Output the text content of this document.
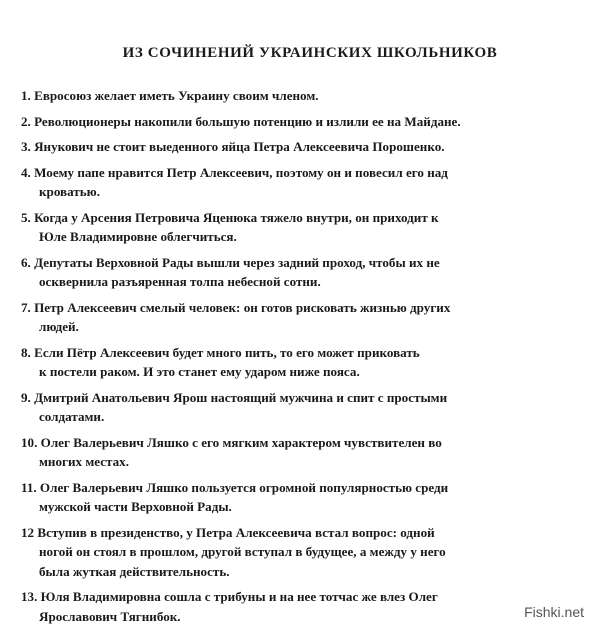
ИЗ СОЧИНЕНИЙ УКРАИНСКИХ ШКОЛЬНИКОВ
1. Евросоюз желает иметь Украину своим членом.
2. Революционеры накопили большую потенцию и излили ее на Майдане.
3. Янукович не стоит выеденного яйца Петра Алексеевича Порошенко.
4. Моему папе нравится Петр Алексеевич, поэтому он и повесил его над
кроватью.
5. Когда у Арсения Петровича Яценюка тяжело внутри, он приходит к
Юле Владимировне облегчиться.
6. Депутаты Верховной Рады вышли через задний проход, чтобы их не
осквернила разъяренная толпа небесной сотни.
7. Петр Алексеевич смелый человек: он готов рисковать жизнью других
людей.
8. Если Пётр Алексеевич будет много пить, то его может приковать
к постели раком. И это станет ему ударом ниже пояса.
9. Дмитрий Анатольевич Ярош настоящий мужчина и спит с простыми
солдатами.
10. Олег Валерьевич Ляшко с его мягким характером чувствителен во
многих местах.
11. Олег Валерьевич Ляшко пользуется огромной популярностью среди
мужской части Верховной Рады.
12 Вступив в президенство, у Петра Алексеевича встал вопрос: одной
ногой он стоял в прошлом, другой вступал в будущее, а между у него
была жуткая действительность.
13. Юля Владимировна сошла с трибуны и на нее тотчас же влез Олег
Ярославович Тягнибок.	Fishki.net
